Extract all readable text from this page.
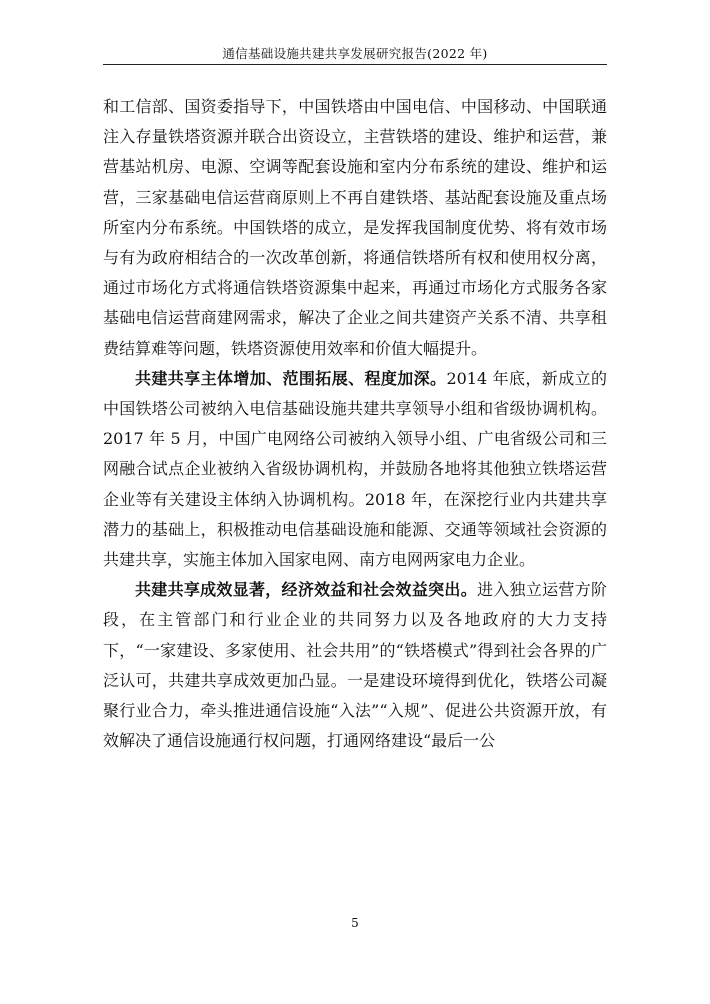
通信基础设施共建共享发展研究报告(2022 年)

和工信部、国资委指导下，中国铁塔由中国电信、中国移动、中国联通注入存量铁塔资源并联合出资设立，主营铁塔的建设、维护和运营，兼营基站机房、电源、空调等配套设施和室内分布系统的建设、维护和运营，三家基础电信运营商原则上不再自建铁塔、基站配套设施及重点场所室内分布系统。中国铁塔的成立，是发挥我国制度优势、将有效市场与有为政府相结合的一次改革创新，将通信铁塔所有权和使用权分离，通过市场化方式将通信铁塔资源集中起来，再通过市场化方式服务各家基础电信运营商建网需求，解决了企业之间共建资产关系不清、共享租费结算难等问题，铁塔资源使用效率和价值大幅提升。

共建共享主体增加、范围拓展、程度加深。2014 年底，新成立的中国铁塔公司被纳入电信基础设施共建共享领导小组和省级协调机构。2017 年 5 月，中国广电网络公司被纳入领导小组、广电省级公司和三网融合试点企业被纳入省级协调机构，并鼓励各地将其他独立铁塔运营企业等有关建设主体纳入协调机构。2018 年，在深挖行业内共建共享潜力的基础上，积极推动电信基础设施和能源、交通等领域社会资源的共建共享，实施主体加入国家电网、南方电网两家电力企业。

共建共享成效显著，经济效益和社会效益突出。进入独立运营方阶段，在主管部门和行业企业的共同努力以及各地政府的大力支持下，“一家建设、多家使用、社会共用”的“铁塔模式”得到社会各界的广泛认可，共建共享成效更加凸显。一是建设环境得到优化，铁塔公司凝聚行业合力，牵头推进通信设施“入法”“入规”、促进公共资源开放，有效解决了通信设施通行权问题，打通网络建设“最后一公

5
